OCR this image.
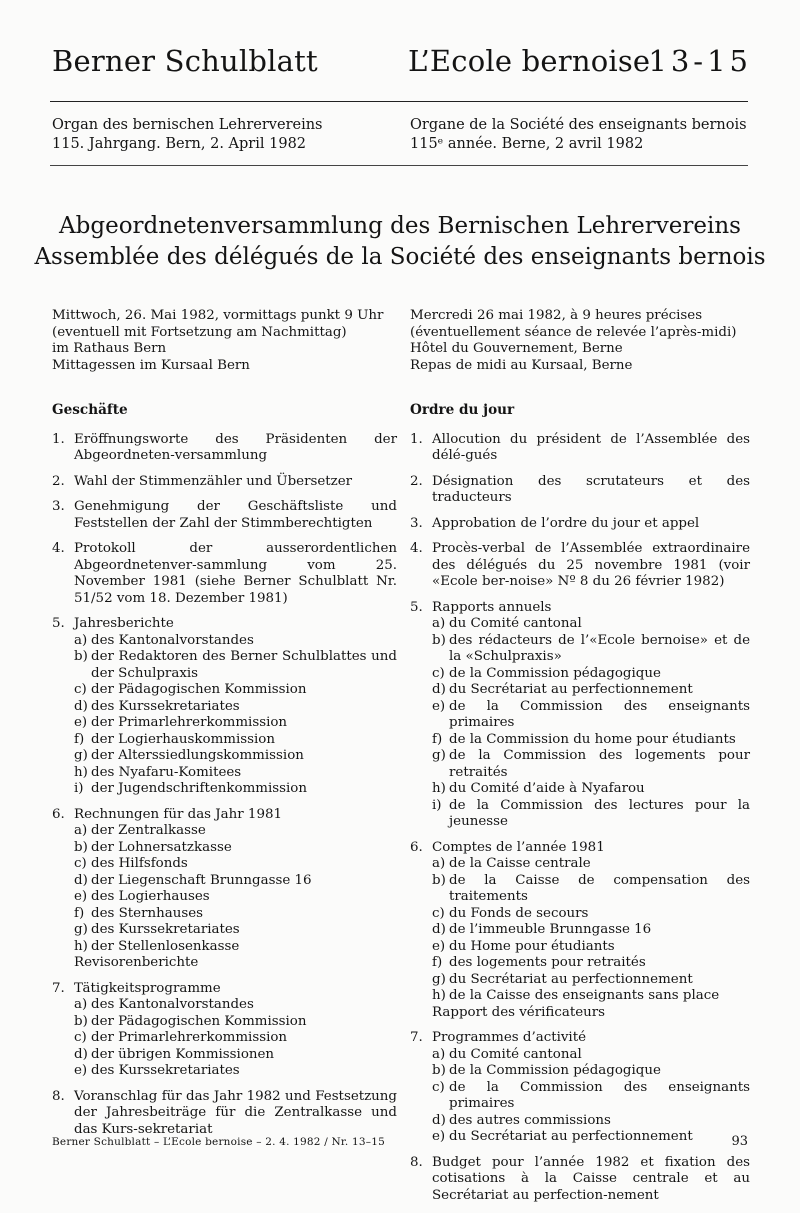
Berner Schulblatt	L’Ecole bernoise
13-15
Organ des bernischen Lehrervereins
115. Jahrgang. Bern, 2. April 1982
Organe de la Société des enseignants bernois
115ᵉ année. Berne, 2 avril 1982
Abgeordnetenversammlung des Bernischen Lehrervereins
Assemblée des délégués de la Société des enseignants bernois
Mittwoch, 26. Mai 1982, vormittags punkt 9 Uhr
(eventuell mit Fortsetzung am Nachmittag)
im Rathaus Bern
Mittagessen im Kursaal Bern
Geschäfte
1. Eröffnungsworte des Präsidenten der Abgeordneten-versammlung
2. Wahl der Stimmenzähler und Übersetzer
3. Genehmigung der Geschäftsliste und Feststellen der Zahl der Stimmberechtigten
4. Protokoll der ausserordentlichen Abgeordnetenver-sammlung vom 25. November 1981 (siehe Berner Schulblatt Nr. 51/52 vom 18. Dezember 1981)
5. Jahresberichte
a) des Kantonalvorstandes
b) der Redaktoren des Berner Schulblattes und der Schulpraxis
c) der Pädagogischen Kommission
d) des Kurssekretariates
e) der Primarlehrerkommission
f) der Logierhauskommission
g) der Alterssiedlungskommission
h) des Nyafaru-Komitees
i) der Jugendschriftenkommission
6. Rechnungen für das Jahr 1981
a) der Zentralkasse
b) der Lohnersatzkasse
c) des Hilfsfonds
d) der Liegenschaft Brunngasse 16
e) des Logierhauses
f) des Sternhauses
g) des Kurssekretariates
h) der Stellenlosenkasse
Revisorenberichte
7. Tätigkeitsprogramme
a) des Kantonalvorstandes
b) der Pädagogischen Kommission
c) der Primarlehrerkommission
d) der übrigen Kommissionen
e) des Kurssekretariates
8. Voranschlag für das Jahr 1982 und Festsetzung der Jahresbeiträge für die Zentralkasse und das Kurs-sekretariat
Mercredi 26 mai 1982, à 9 heures précises
(éventuellement séance de relevée l’après-midi)
Hôtel du Gouvernement, Berne
Repas de midi au Kursaal, Berne
Ordre du jour
1. Allocution du président de l’Assemblée des délé-gués
2. Désignation des scrutateurs et des traducteurs
3. Approbation de l’ordre du jour et appel
4. Procès-verbal de l’Assemblée extraordinaire des délégués du 25 novembre 1981 (voir «Ecole ber-noise» Nº 8 du 26 février 1982)
5. Rapports annuels
a) du Comité cantonal
b) des rédacteurs de l’«Ecole bernoise» et de la «Schulpraxis»
c) de la Commission pédagogique
d) du Secrétariat au perfectionnement
e) de la Commission des enseignants primaires
f) de la Commission du home pour étudiants
g) de la Commission des logements pour retraités
h) du Comité d’aide à Nyafarou
i) de la Commission des lectures pour la jeunesse
6. Comptes de l’année 1981
a) de la Caisse centrale
b) de la Caisse de compensation des traitements
c) du Fonds de secours
d) de l’immeuble Brunngasse 16
e) du Home pour étudiants
f) des logements pour retraités
g) du Secrétariat au perfectionnement
h) de la Caisse des enseignants sans place
Rapport des vérificateurs
7. Programmes d’activité
a) du Comité cantonal
b) de la Commission pédagogique
c) de la Commission des enseignants primaires
d) des autres commissions
e) du Secrétariat au perfectionnement
8. Budget pour l’année 1982 et fixation des cotisations à la Caisse centrale et au Secrétariat au perfection-nement
Berner Schulblatt – L’Ecole bernoise – 2. 4. 1982 / Nr. 13–15	93
